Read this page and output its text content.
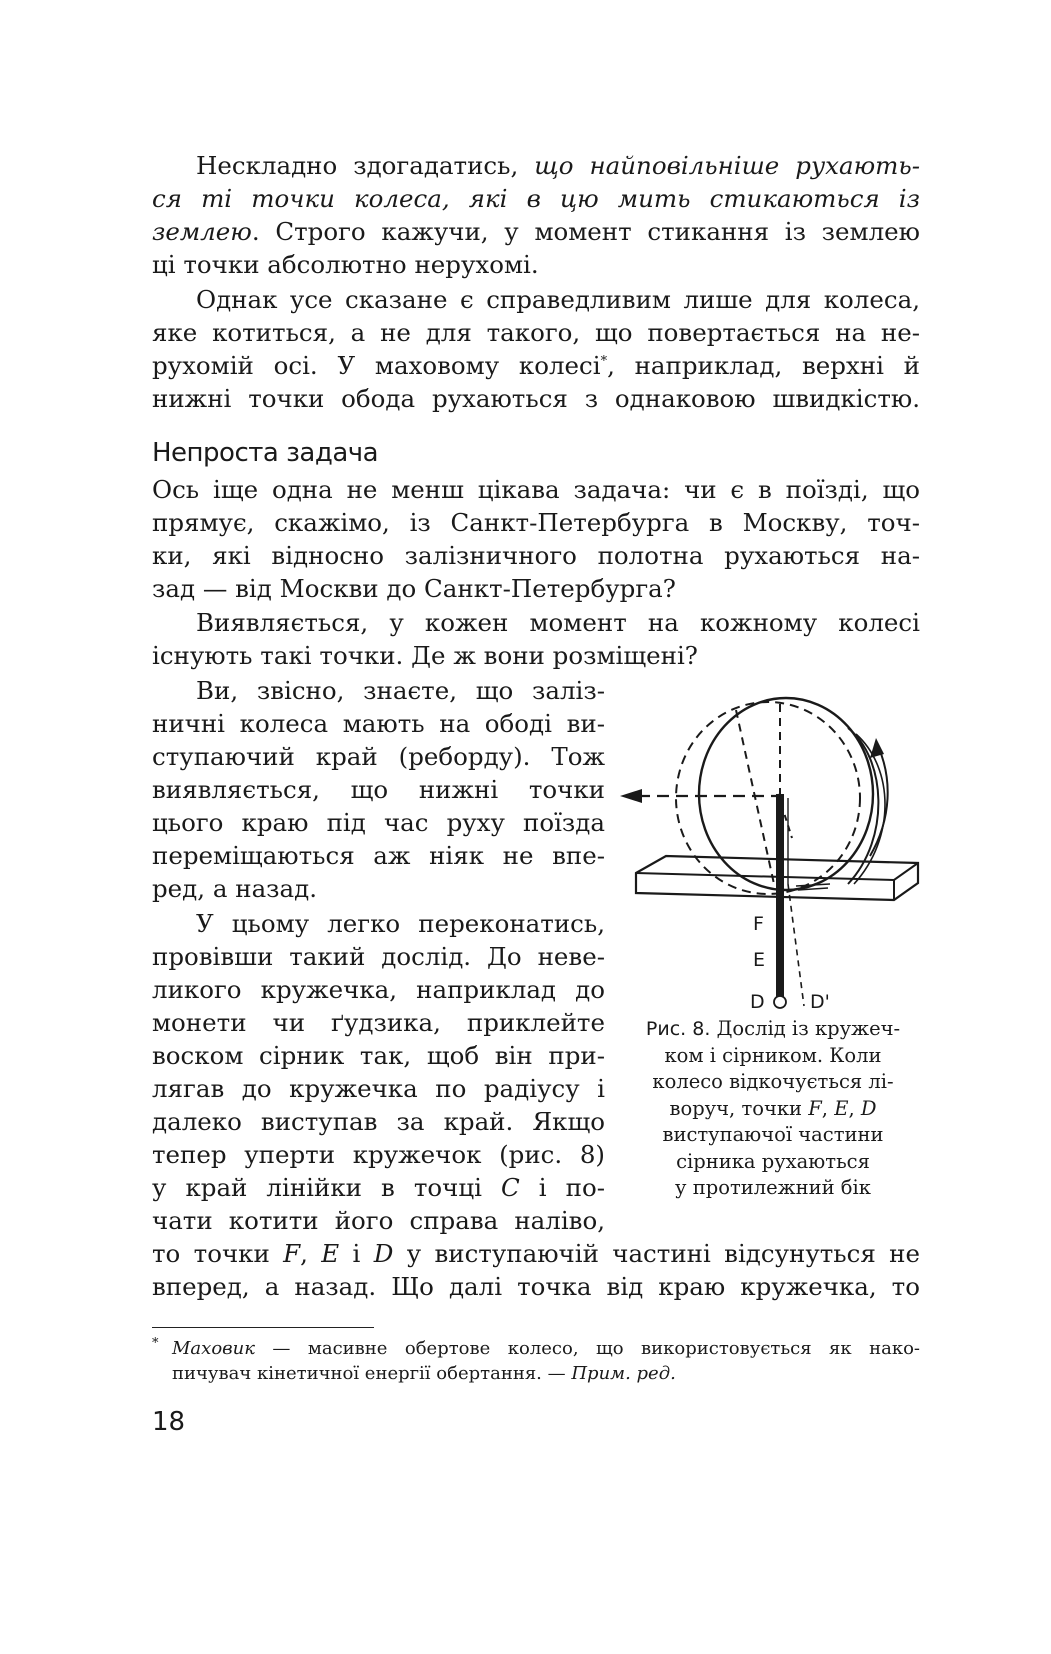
Нескладно здогадатись, що найповільніше рухають-
ся ті точки колеса, які в цю мить стикаються із
землею. Строго кажучи, у момент стикання із землею
ці точки абсолютно нерухомі.
Однак усе сказане є справедливим лише для колеса,
яке котиться, а не для такого, що повертається на не-
рухомій осі. У маховому колесі*, наприклад, верхні й
нижні точки обода рухаються з однаковою швидкістю.
Непроста задача
Ось іще одна не менш цікава задача: чи є в поїзді, що
прямує, скажімо, із Санкт-Петербурга в Москву, точ-
ки, які відносно залізничного полотна рухаються на-
зад — від Москви до Санкт-Петербурга?
Виявляється, у кожен момент на кожному колесі
існують такі точки. Де ж вони розміщені?
Ви, звісно, знаєте, що заліз-
ничні колеса мають на ободі ви-
ступаючий край (реборду). Тож
виявляється, що нижні точки
цього краю під час руху поїзда
переміщаються аж ніяк не впе-
ред, а назад.
У цьому легко переконатись,
провівши такий дослід. До неве-
ликого кружечка, наприклад до
монети чи ґудзика, приклейте
воском сірник так, щоб він при-
лягав до кружечка по радіусу і
далеко виступав за край. Якщо
тепер уперти кружечок (рис. 8)
у край лінійки в точці C і по-
чати котити його справа наліво,
то точки F, E і D у виступаючій частині відсунуться не
вперед, а назад. Що далі точка від краю кружечка, то
F
E
D D'
Рис. 8. Дослід із кружеч-
ком і сірником. Коли
колесо відкочується лі-
воруч, точки F, E, D
виступаючої частини
сірника рухаються
у протилежний бік
* Маховик — масивне обертове колесо, що використовується як нако-
пичувач кінетичної енергії обертання. — Прим. ред.
18
